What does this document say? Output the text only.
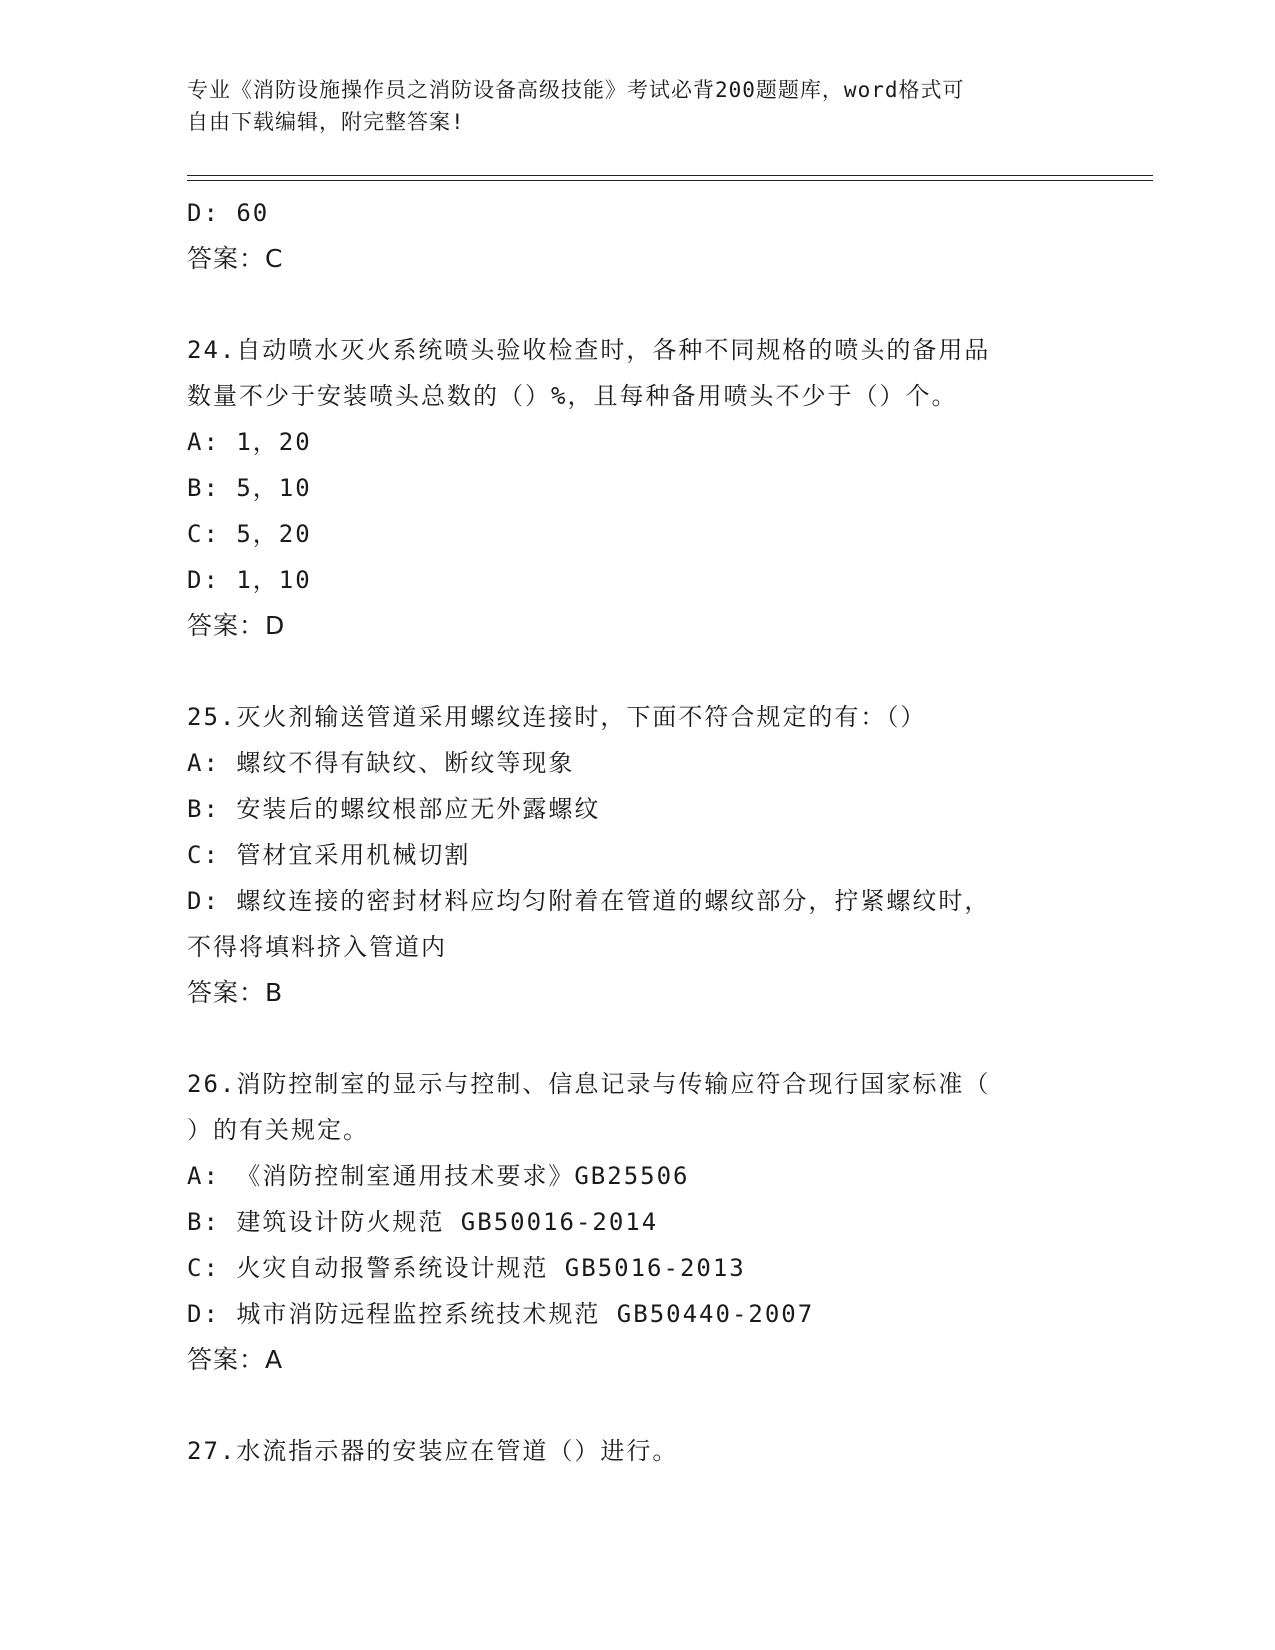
专业《消防设施操作员之消防设备高级技能》考试必背200题题库，word格式可
自由下载编辑，附完整答案!
D: 60
答案：C
24.自动喷水灭火系统喷头验收检查时，各种不同规格的喷头的备用品
数量不少于安装喷头总数的（）%，且每种备用喷头不少于（）个。
A: 1，20
B: 5，10
C: 5，20
D: 1，10
答案：D
25.灭火剂输送管道采用螺纹连接时，下面不符合规定的有：（）
A: 螺纹不得有缺纹、断纹等现象
B: 安装后的螺纹根部应无外露螺纹
C: 管材宜采用机械切割
D: 螺纹连接的密封材料应均匀附着在管道的螺纹部分，拧紧螺纹时，
不得将填料挤入管道内
答案：B
26.消防控制室的显示与控制、信息记录与传输应符合现行国家标准（
）的有关规定。
A: 《消防控制室通用技术要求》GB25506
B: 建筑设计防火规范 GB50016-2014
C: 火灾自动报警系统设计规范 GB5016-2013
D: 城市消防远程监控系统技术规范 GB50440-2007
答案：A
27.水流指示器的安装应在管道（）进行。
